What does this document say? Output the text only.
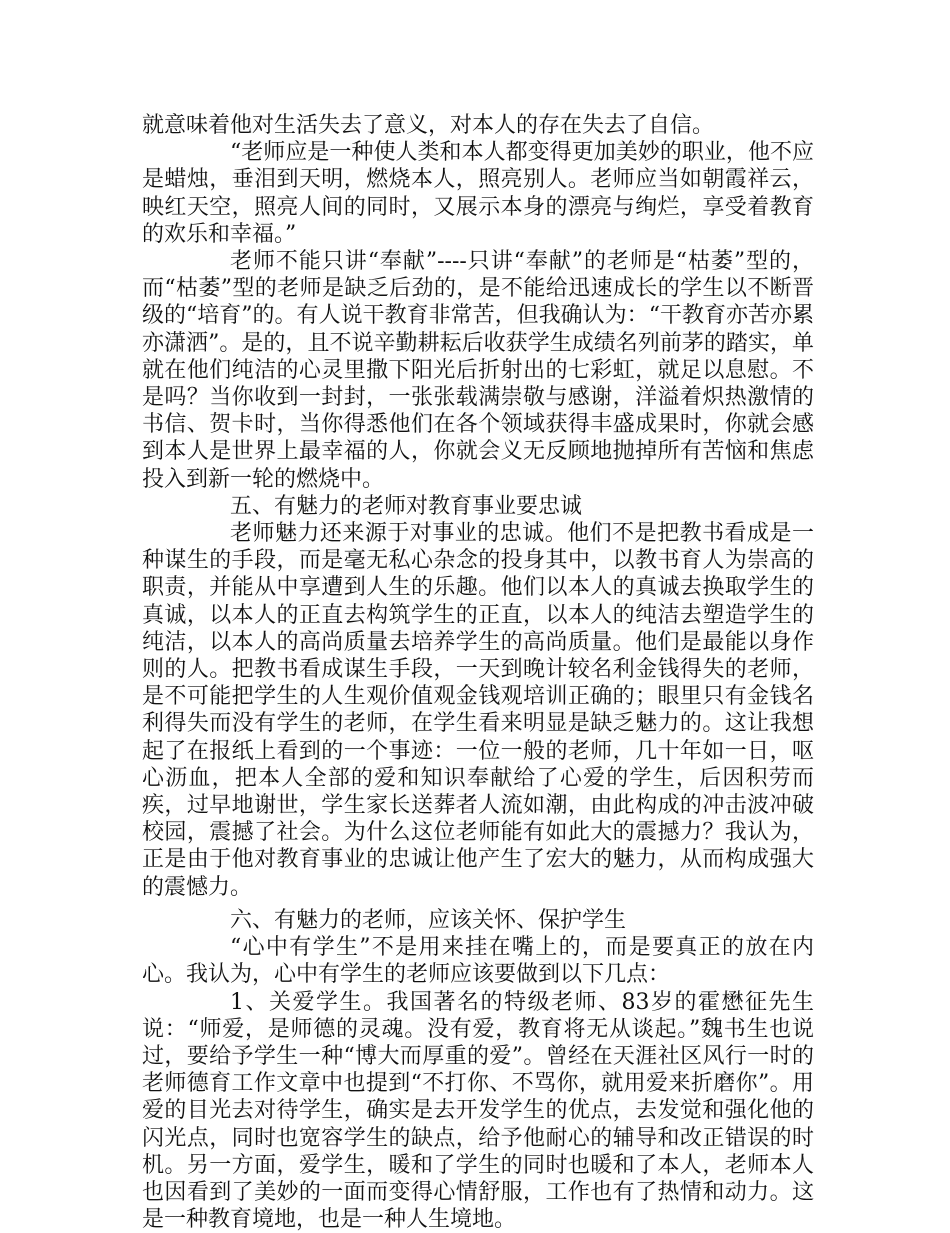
就意味着他对生活失去了意义，对本人的存在失去了自信。

“老师应是一种使人类和本人都变得更加美妙的职业，他不应是蜡烛，垂泪到天明，燃烧本人，照亮别人。老师应当如朝霞祥云，映红天空，照亮人间的同时，又展示本身的漂亮与绚烂，享受着教育的欢乐和幸福。”

老师不能只讲“奉献”----只讲“奉献”的老师是“枯萎”型的，而“枯萎”型的老师是缺乏后劲的，是不能给迅速成长的学生以不断晋级的“培育”的。有人说干教育非常苦，但我确认为：“干教育亦苦亦累亦潇洒”。是的，且不说辛勤耕耘后收获学生成绩名列前茅的踏实，单就在他们纯洁的心灵里撒下阳光后折射出的七彩虹，就足以息慰。不是吗？当你收到一封封，一张张载满崇敬与感谢，洋溢着炽热激情的书信、贺卡时，当你得悉他们在各个领域获得丰盛成果时，你就会感到本人是世界上最幸福的人，你就会义无反顾地抛掉所有苦恼和焦虑投入到新一轮的燃烧中。

五、有魅力的老师对教育事业要忠诚

老师魅力还来源于对事业的忠诚。他们不是把教书看成是一种谋生的手段，而是毫无私心杂念的投身其中，以教书育人为崇高的职责，并能从中享遭到人生的乐趣。他们以本人的真诚去换取学生的真诚，以本人的正直去构筑学生的正直，以本人的纯洁去塑造学生的纯洁，以本人的高尚质量去培养学生的高尚质量。他们是最能以身作则的人。把教书看成谋生手段，一天到晚计较名利金钱得失的老师，是不可能把学生的人生观价值观金钱观培训正确的；眼里只有金钱名利得失而没有学生的老师，在学生看来明显是缺乏魅力的。这让我想起了在报纸上看到的一个事迹：一位一般的老师，几十年如一日，呕心沥血，把本人全部的爱和知识奉献给了心爱的学生，后因积劳而疾，过早地谢世，学生家长送葬者人流如潮，由此构成的冲击波冲破校园，震撼了社会。为什么这位老师能有如此大的震撼力？我认为，正是由于他对教育事业的忠诚让他产生了宏大的魅力，从而构成强大的震憾力。

六、有魅力的老师，应该关怀、保护学生

“心中有学生”不是用来挂在嘴上的，而是要真正的放在内心。我认为，心中有学生的老师应该要做到以下几点：

1、关爱学生。我国著名的特级老师、83岁的霍懋征先生说：“师爱，是师德的灵魂。没有爱，教育将无从谈起。”魏书生也说过，要给予学生一种“博大而厚重的爱”。曾经在天涯社区风行一时的老师德育工作文章中也提到“不打你、不骂你，就用爱来折磨你”。用爱的目光去对待学生，确实是去开发学生的优点，去发觉和强化他的闪光点，同时也宽容学生的缺点，给予他耐心的辅导和改正错误的时机。另一方面，爱学生，暖和了学生的同时也暖和了本人，老师本人也因看到了美妙的一面而变得心情舒服，工作也有了热情和动力。这是一种教育境地，也是一种人生境地。
